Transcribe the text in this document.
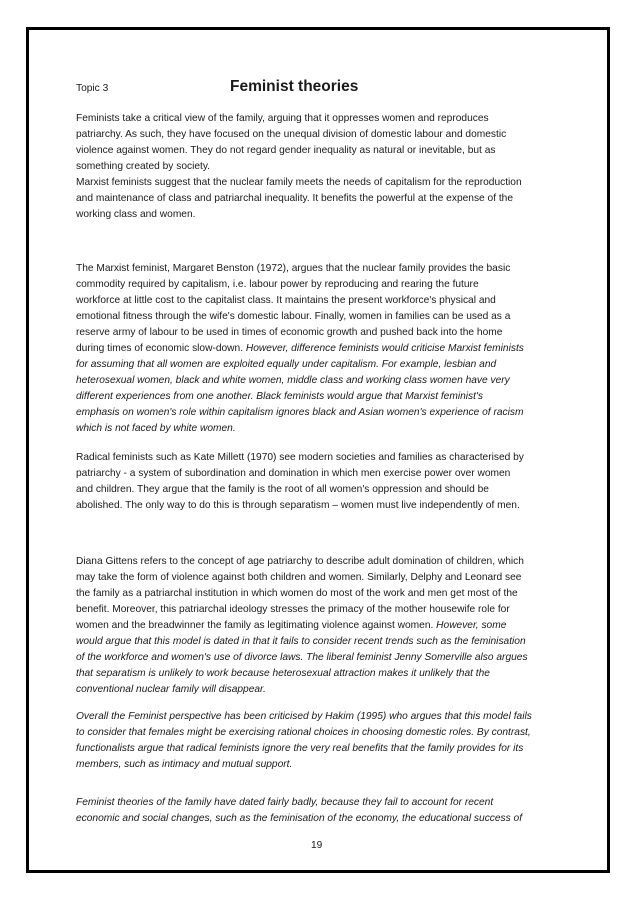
Topic 3	Feminist theories
Feminists take a critical view of the family, arguing that it oppresses women and reproduces
patriarchy. As such, they have focused on the unequal division of domestic labour and domestic
violence against women. They do not regard gender inequality as natural or inevitable, but as
something created by society.
Marxist feminists suggest that the nuclear family meets the needs of capitalism for the reproduction
and maintenance of class and patriarchal inequality. It benefits the powerful at the expense of the
working class and women.
The Marxist feminist, Margaret Benston (1972), argues that the nuclear family provides the basic
commodity required by capitalism, i.e. labour power by reproducing and rearing the future
workforce at little cost to the capitalist class. It maintains the present workforce's physical and
emotional fitness through the wife's domestic labour. Finally, women in families can be used as a
reserve army of labour to be used in times of economic growth and pushed back into the home
during times of economic slow-down. However, difference feminists would criticise Marxist feminists
for assuming that all women are exploited equally under capitalism. For example, lesbian and
heterosexual women, black and white women, middle class and working class women have very
different experiences from one another. Black feminists would argue that Marxist feminist's
emphasis on women's role within capitalism ignores black and Asian women's experience of racism
which is not faced by white women.
Radical feminists such as Kate Millett (1970) see modern societies and families as characterised by
patriarchy - a system of subordination and domination in which men exercise power over women
and children. They argue that the family is the root of all women's oppression and should be
abolished. The only way to do this is through separatism – women must live independently of men.
Diana Gittens refers to the concept of age patriarchy to describe adult domination of children, which
may take the form of violence against both children and women. Similarly, Delphy and Leonard see
the family as a patriarchal institution in which women do most of the work and men get most of the
benefit. Moreover, this patriarchal ideology stresses the primacy of the mother housewife role for
women and the breadwinner the family as legitimating violence against women. However, some
would argue that this model is dated in that it fails to consider recent trends such as the feminisation
of the workforce and women's use of divorce laws. The liberal feminist Jenny Somerville also argues
that separatism is unlikely to work because heterosexual attraction makes it unlikely that the
conventional nuclear family will disappear.
Overall the Feminist perspective has been criticised by Hakim (1995) who argues that this model fails
to consider that females might be exercising rational choices in choosing domestic roles. By contrast,
functionalists argue that radical feminists ignore the very real benefits that the family provides for its
members, such as intimacy and mutual support.
Feminist theories of the family have dated fairly badly, because they fail to account for recent
economic and social changes, such as the feminisation of the economy, the educational success of
19
